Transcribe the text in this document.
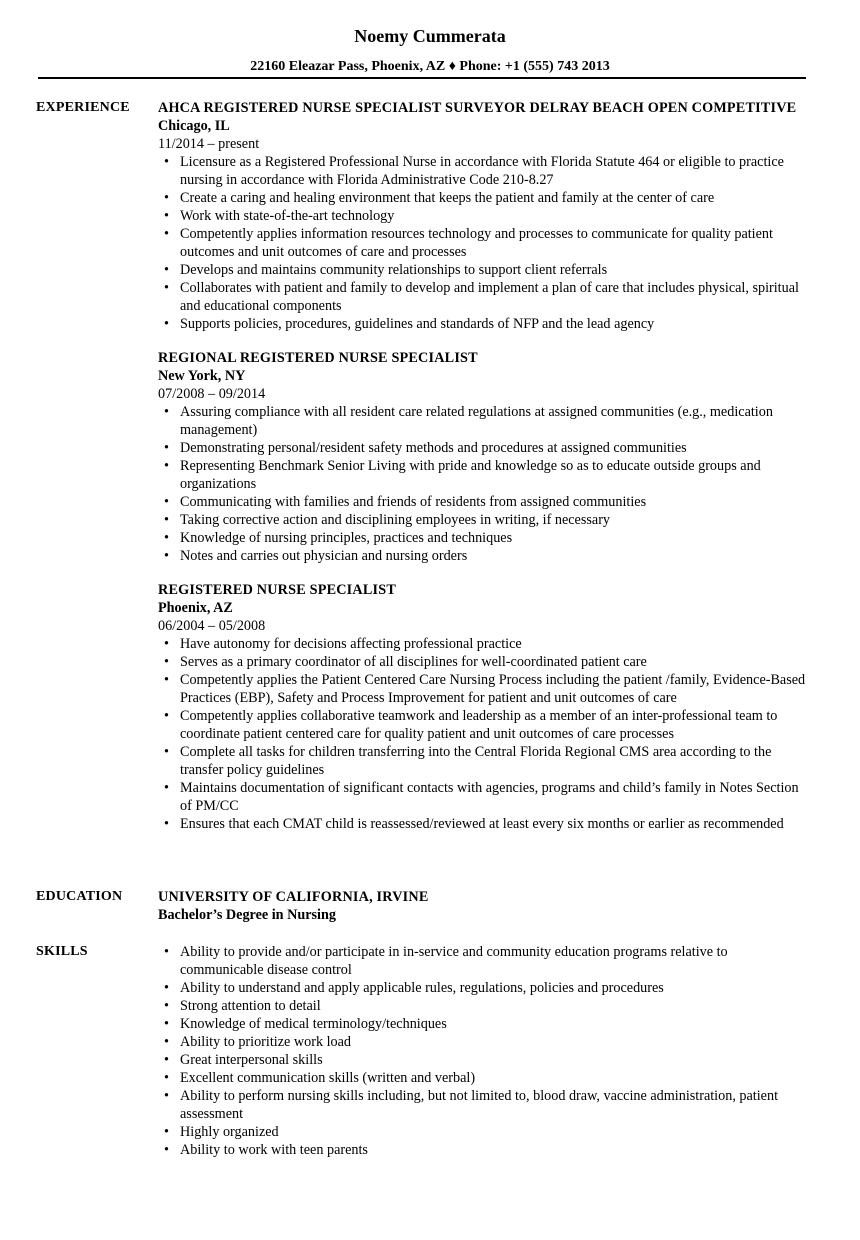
Noemy Cummerata
22160 Eleazar Pass, Phoenix, AZ ♦ Phone: +1 (555) 743 2013
EXPERIENCE AHCA REGISTERED NURSE SPECIALIST SURVEYOR DELRAY BEACH OPEN COMPETITIVE
Chicago, IL
11/2014 – present
• Licensure as a Registered Professional Nurse in accordance with Florida Statute 464 or eligible to practice nursing in accordance with Florida Administrative Code 210-8.27
• Create a caring and healing environment that keeps the patient and family at the center of care
• Work with state-of-the-art technology
• Competently applies information resources technology and processes to communicate for quality patient outcomes and unit outcomes of care and processes
• Develops and maintains community relationships to support client referrals
• Collaborates with patient and family to develop and implement a plan of care that includes physical, spiritual and educational components
• Supports policies, procedures, guidelines and standards of NFP and the lead agency
REGIONAL REGISTERED NURSE SPECIALIST
New York, NY
07/2008 – 09/2014
• Assuring compliance with all resident care related regulations at assigned communities (e.g., medication management)
• Demonstrating personal/resident safety methods and procedures at assigned communities
• Representing Benchmark Senior Living with pride and knowledge so as to educate outside groups and organizations
• Communicating with families and friends of residents from assigned communities
• Taking corrective action and disciplining employees in writing, if necessary
• Knowledge of nursing principles, practices and techniques
• Notes and carries out physician and nursing orders
REGISTERED NURSE SPECIALIST
Phoenix, AZ
06/2004 – 05/2008
• Have autonomy for decisions affecting professional practice
• Serves as a primary coordinator of all disciplines for well-coordinated patient care
• Competently applies the Patient Centered Care Nursing Process including the patient /family, Evidence-Based Practices (EBP), Safety and Process Improvement for patient and unit outcomes of care
• Competently applies collaborative teamwork and leadership as a member of an inter-professional team to coordinate patient centered care for quality patient and unit outcomes of care processes
• Complete all tasks for children transferring into the Central Florida Regional CMS area according to the transfer policy guidelines
• Maintains documentation of significant contacts with agencies, programs and child’s family in Notes Section of PM/CC
• Ensures that each CMAT child is reassessed/reviewed at least every six months or earlier as recommended
EDUCATION	UNIVERSITY OF CALIFORNIA, IRVINE
Bachelor’s Degree in Nursing
SKILLS	• Ability to provide and/or participate in in-service and community education programs relative to communicable disease control
• Ability to understand and apply applicable rules, regulations, policies and procedures
• Strong attention to detail
• Knowledge of medical terminology/techniques
• Ability to prioritize work load
• Great interpersonal skills
• Excellent communication skills (written and verbal)
• Ability to perform nursing skills including, but not limited to, blood draw, vaccine administration, patient assessment
• Highly organized
• Ability to work with teen parents
